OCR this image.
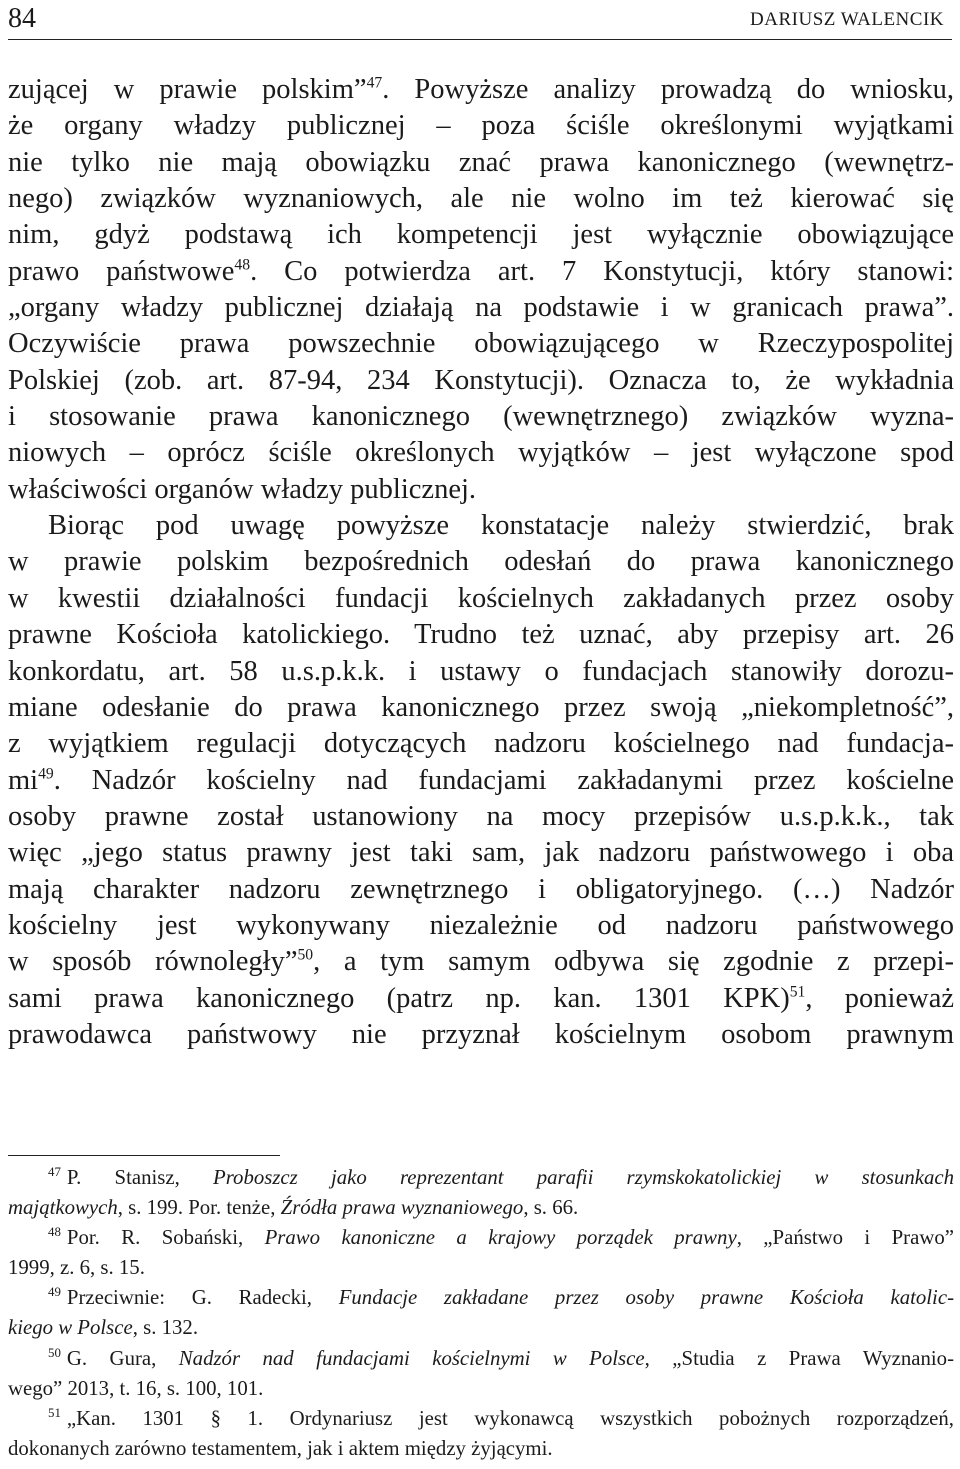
84	DARIUSZ WALENCIK
zującej w prawie polskim”$^{47}$. Powyższe analizy prowadzą do wniosku,
że organy władzy publicznej – poza ściśle określonymi wyjątkami
nie tylko nie mają obowiązku znać prawa kanonicznego (wewnętrz-
nego) związków wyznaniowych, ale nie wolno im też kierować się
nim, gdyż podstawą ich kompetencji jest wyłącznie obowiązujące
prawo państwowe$^{48}$. Co potwierdza art. 7 Konstytucji, który stanowi:
„organy władzy publicznej działają na podstawie i w granicach prawa”.
Oczywiście prawa powszechnie obowiązującego w Rzeczypospolitej
Polskiej (zob. art. 87-94, 234 Konstytucji). Oznacza to, że wykładnia
i stosowanie prawa kanonicznego (wewnętrznego) związków wyzna-
niowych – oprócz ściśle określonych wyjątków – jest wyłączone spod
właściwości organów władzy publicznej.
Biorąc pod uwagę powyższe konstatacje należy stwierdzić, brak
w prawie polskim bezpośrednich odesłań do prawa kanonicznego
w kwestii działalności fundacji kościelnych zakładanych przez osoby
prawne Kościoła katolickiego. Trudno też uznać, aby przepisy art. 26
konkordatu, art. 58 u.s.p.k.k. i ustawy o fundacjach stanowiły dorozu-
miane odesłanie do prawa kanonicznego przez swoją „niekompletność”,
z wyjątkiem regulacji dotyczących nadzoru kościelnego nad fundacja-
$mi^{49}$. Nadzór kościelny nad fundacjami zakładanymi przez kościelne
osoby prawne został ustanowiony na mocy przepisów u.s.p.k.k., tak
więc „jego status prawny jest taki sam, jak nadzoru państwowego i oba
mają charakter nadzoru zewnętrznego i obligatoryjnego. (…) Nadzór
kościelny jest wykonywany niezależnie od nadzoru państwowego
w sposób równoległy”$^{50}$, a tym samym odbywa się zgodnie z przepi-
sami prawa kanonicznego (patrz np. kan. 1301 KPK)$^{51}$, ponieważ
prawodawca państwowy nie przyznał kościelnym osobom prawnym
$^{47}$ P. Stanisz, Proboszcz jako reprezentant parafii rzymskokatolickiej w stosunkach
majątkowych, s. 199. Por. tenże, Źródła prawa wyznaniowego, s. 66.
$^{48}$ Por. R. Sobański, Prawo kanoniczne a krajowy porządek prawny, „Państwo i Prawo”
1999, z. 6, s. 15.
$^{49}$ Przeciwnie: G. Radecki, Fundacje zakładane przez osoby prawne Kościoła katolic-
kiego w Polsce, s. 132.
$^{50}$ G. Gura, Nadzór nad fundacjami kościelnymi w Polsce, „Studia z Prawa Wyznanio-
wego” 2013, t. 16, s. 100, 101.
$^{51}$ „Kan. 1301 § 1. Ordynariusz jest wykonawcą wszystkich pobożnych rozporządzeń,
dokonanych zarówno testamentem, jak i aktem między żyjącymi.
